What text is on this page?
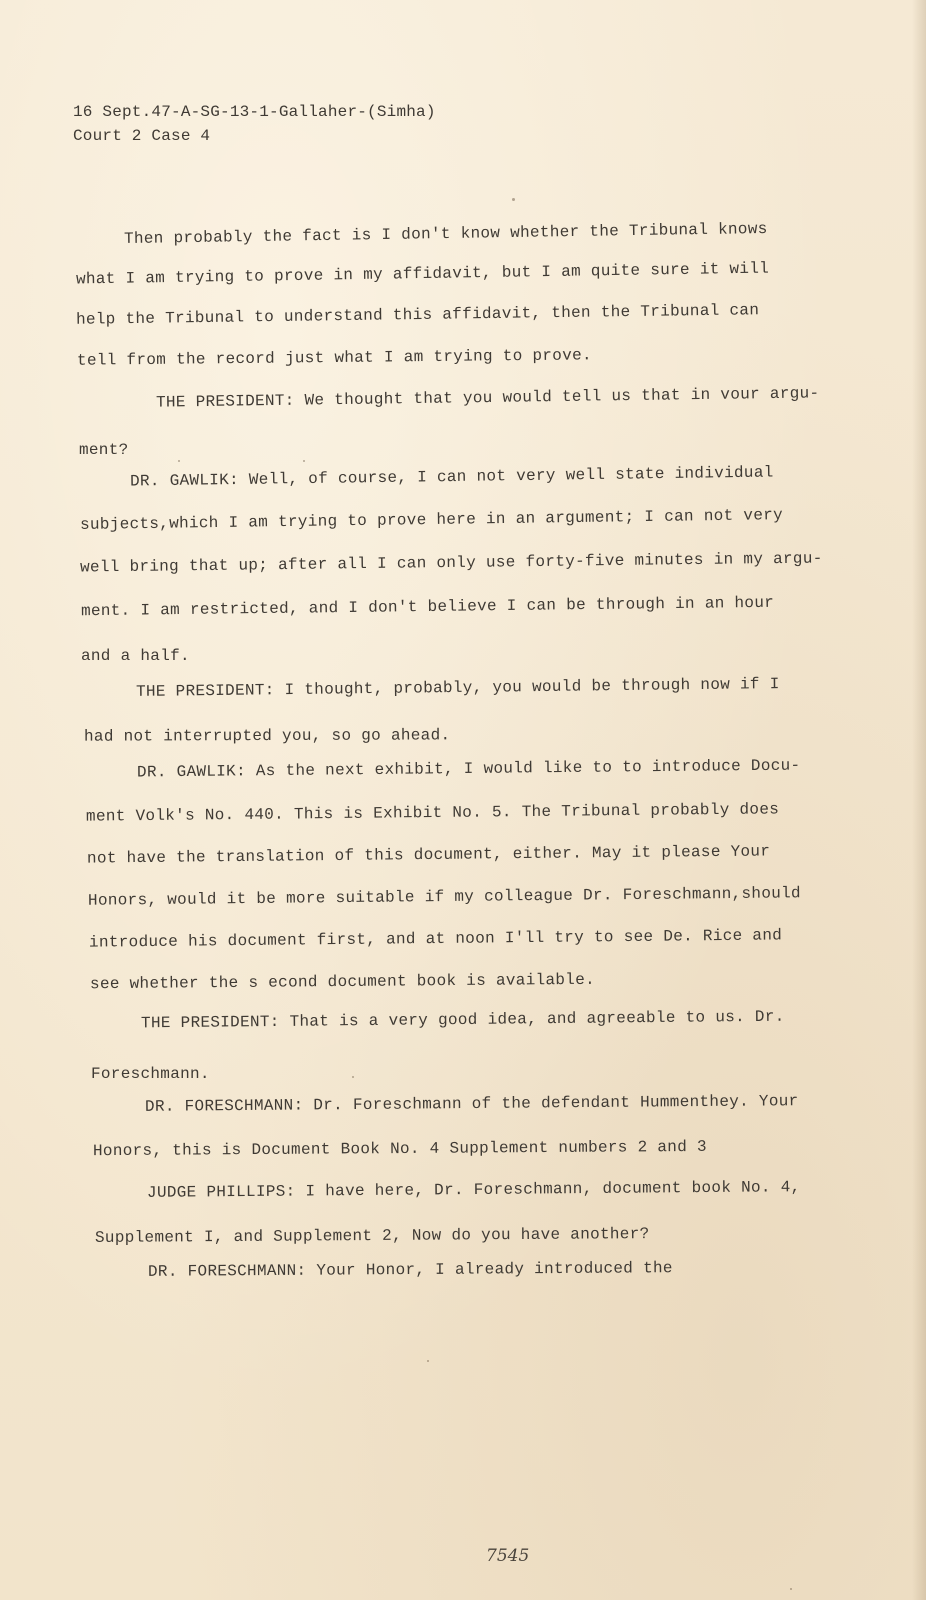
16 Sept.47-A-SG-13-1-Gallaher-(Simha)
Court 2 Case 4
Then probably the fact is I don't know whether the Tribunal knows
what I am trying to prove in my affidavit, but I am quite sure it will
help the Tribunal to understand this affidavit, then the Tribunal can
tell from the record just what I am trying to prove.
THE PRESIDENT: We thought that you would tell us that in vour argu-
ment?
DR. GAWLIK: Well, of course, I can not very well state individual
subjects,which I am trying to prove here in an argument; I can not very
well bring that up; after all I can only use forty-five minutes in my argu-
ment. I am restricted, and I don't believe I can be through in an hour
and a half.
THE PRESIDENT: I thought, probably, you would be through now if I
had not interrupted you, so go ahead.
DR. GAWLIK: As the next exhibit, I would like to to introduce Docu-
ment Volk's No. 440. This is Exhibit No. 5. The Tribunal probably does
not have the translation of this document, either. May it please Your
Honors, would it be more suitable if my colleague Dr. Foreschmann,should
introduce his document first, and at noon I'll try to see De. Rice and
see whether the s econd document book is available.
THE PRESIDENT: That is a very good idea, and agreeable to us. Dr.
Foreschmann.
DR. FORESCHMANN: Dr. Foreschmann of the defendant Hummenthey. Your
Honors, this is Document Book No. 4 Supplement numbers 2 and 3
JUDGE PHILLIPS: I have here, Dr. Foreschmann, document book No. 4,
Supplement I, and Supplement 2, Now do you have another?
DR. FORESCHMANN: Your Honor, I already introduced the
7545
